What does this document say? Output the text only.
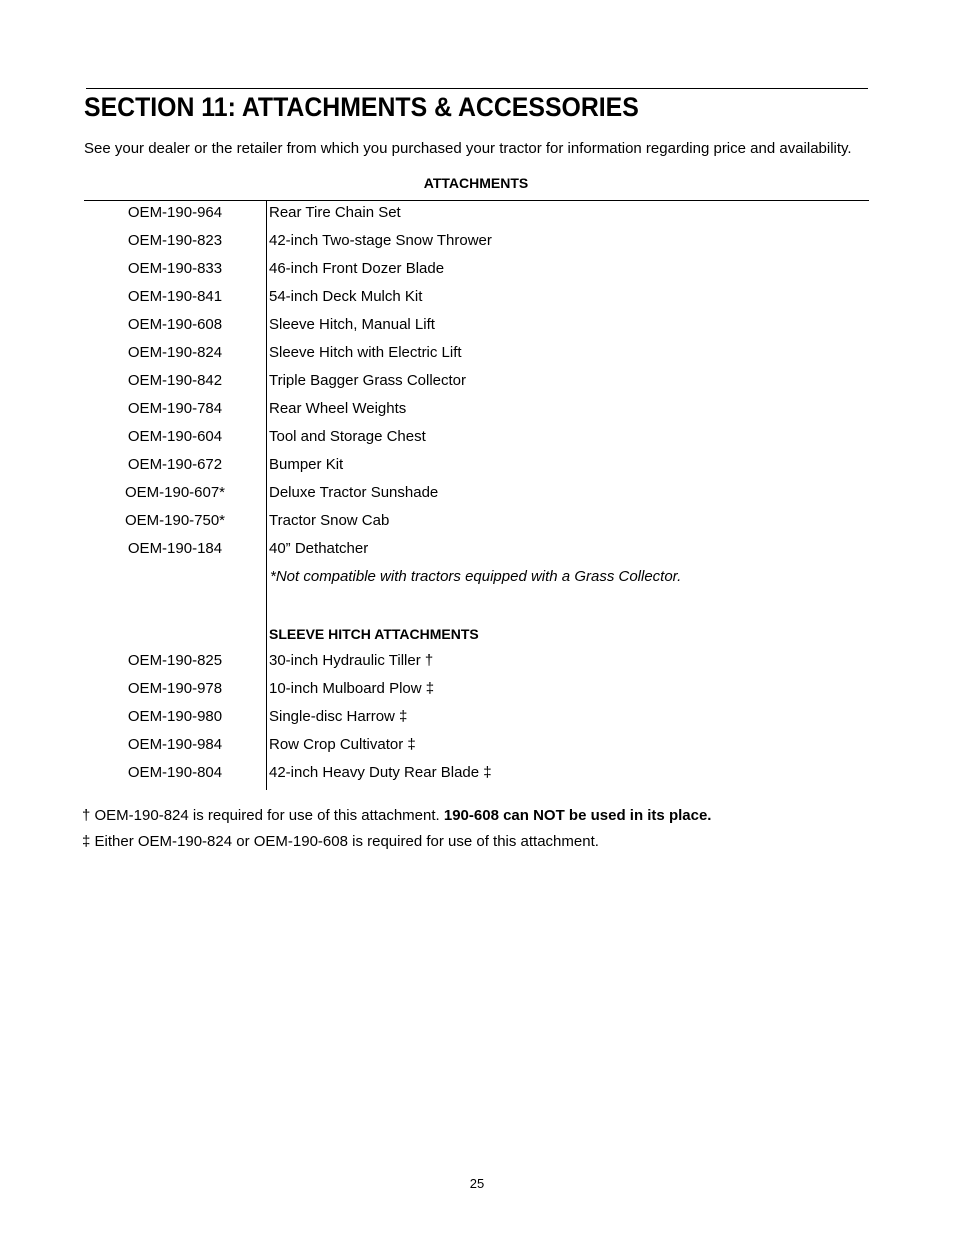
SECTION 11: ATTACHMENTS & ACCESSORIES
See your dealer or the retailer from which you purchased your tractor for information regarding price and availability.
ATTACHMENTS
OEM-190-964	Rear Tire Chain Set
OEM-190-823	42-inch Two-stage Snow Thrower
OEM-190-833	46-inch Front Dozer Blade
OEM-190-841	54-inch Deck Mulch Kit
OEM-190-608	Sleeve Hitch, Manual Lift
OEM-190-824	Sleeve Hitch with Electric Lift
OEM-190-842	Triple Bagger Grass Collector
OEM-190-784	Rear Wheel Weights
OEM-190-604	Tool and Storage Chest
OEM-190-672	Bumper Kit
OEM-190-607*	Deluxe Tractor Sunshade
OEM-190-750*	Tractor Snow Cab
OEM-190-184	40” Dethatcher
*Not compatible with tractors equipped with a Grass Collector.
SLEEVE HITCH ATTACHMENTS
OEM-190-825	30-inch Hydraulic Tiller †
OEM-190-978	10-inch Mulboard Plow ‡
OEM-190-980	Single-disc Harrow ‡
OEM-190-984	Row Crop Cultivator ‡
OEM-190-804	42-inch Heavy Duty Rear Blade ‡
† OEM-190-824 is required for use of this attachment. 190-608 can NOT be used in its place.
‡ Either OEM-190-824 or OEM-190-608 is required for use of this attachment.
25
